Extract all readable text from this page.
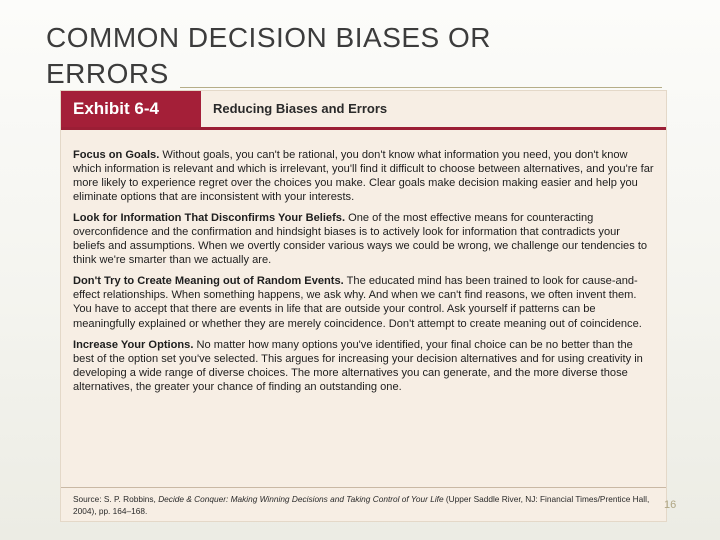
COMMON DECISION BIASES OR ERRORS
Exhibit 6-4	Reducing Biases and Errors

Focus on Goals. Without goals, you can't be rational, you don't know what information you need, you don't know which information is relevant and which is irrelevant, you'll find it difficult to choose between alternatives, and you're far more likely to experience regret over the choices you make. Clear goals make decision making easier and help you eliminate options that are inconsistent with your interests.

Look for Information That Disconfirms Your Beliefs. One of the most effective means for counteracting overconfidence and the confirmation and hindsight biases is to actively look for information that contradicts your beliefs and assumptions. When we overtly consider various ways we could be wrong, we challenge our tendencies to think we're smarter than we actually are.

Don't Try to Create Meaning out of Random Events. The educated mind has been trained to look for cause-and-effect relationships. When something happens, we ask why. And when we can't find reasons, we often invent them. You have to accept that there are events in life that are outside your control. Ask yourself if patterns can be meaningfully explained or whether they are merely coincidence. Don't attempt to create meaning out of coincidence.

Increase Your Options. No matter how many options you've identified, your final choice can be no better than the best of the option set you've selected. This argues for increasing your decision alternatives and for using creativity in developing a wide range of diverse choices. The more alternatives you can generate, and the more diverse those alternatives, the greater your chance of finding an outstanding one.

Source: S. P. Robbins, Decide & Conquer: Making Winning Decisions and Taking Control of Your Life (Upper Saddle River, NJ: Financial Times/Prentice Hall, 2004), pp. 164–168.	16
